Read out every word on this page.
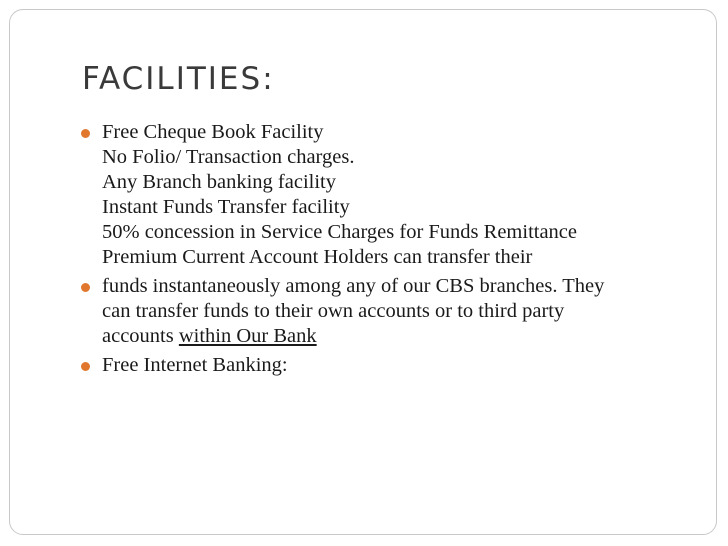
FACILITIES:
Free Cheque Book Facility
No Folio/ Transaction charges.
Any Branch banking facility
Instant Funds Transfer facility
50% concession in Service Charges for Funds Remittance
Premium Current Account Holders can transfer their
funds instantaneously among any of our CBS branches. They
can transfer funds to their own accounts or to third party
accounts within Our Bank
Free Internet Banking:
